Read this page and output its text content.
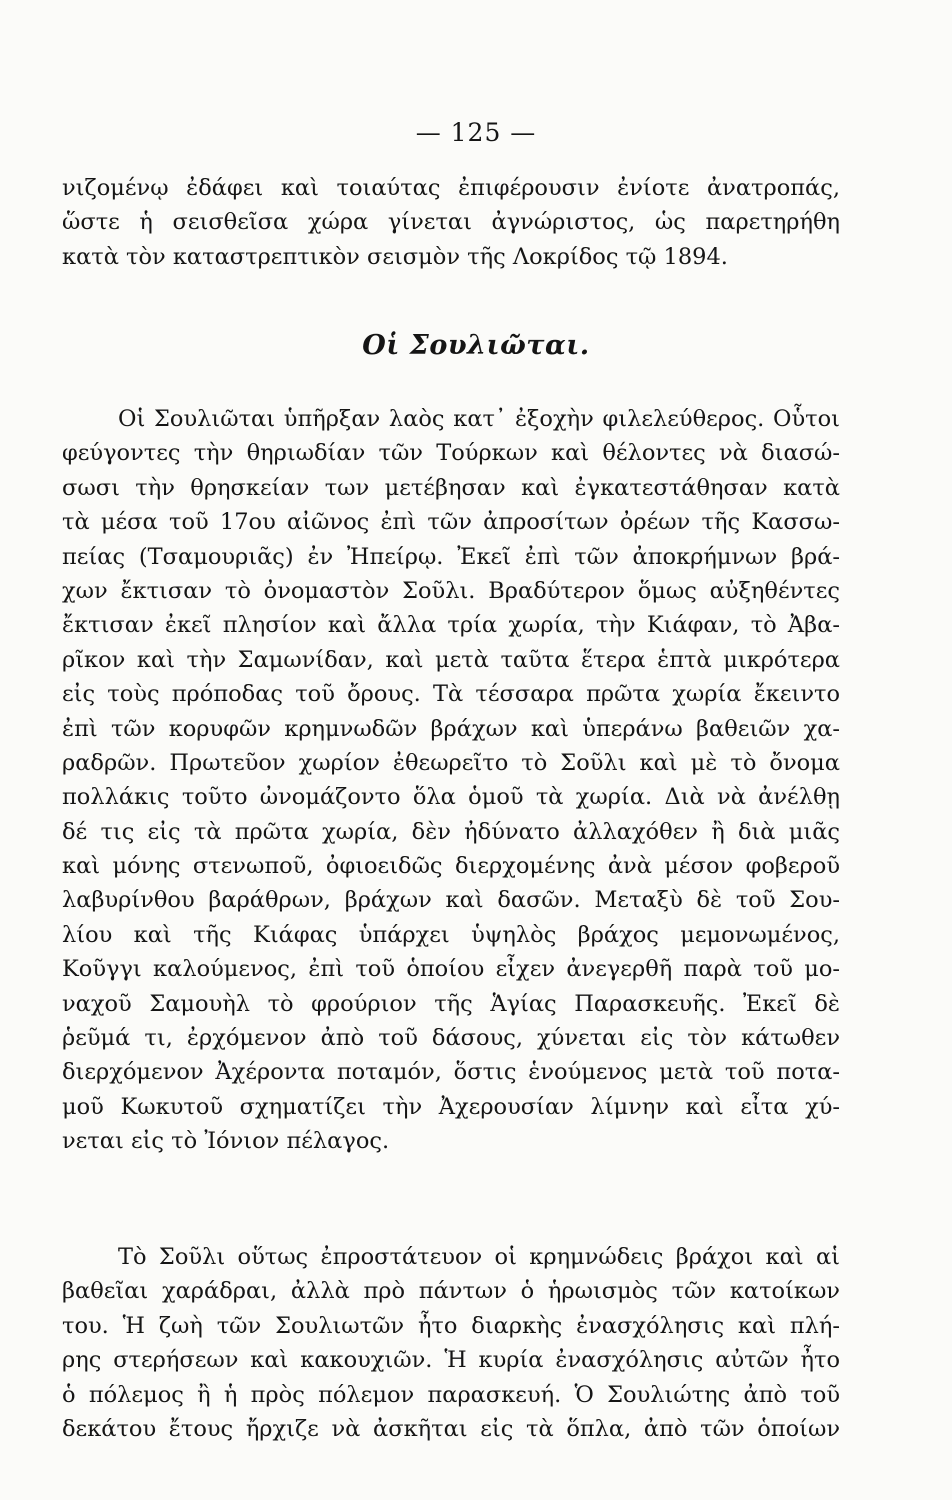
— 125 —
νιζομένῳ ἐδάφει καὶ τοιαύτας ἐπιφέρουσιν ἐνίοτε ἀνατροπάς,
ὥστε ἡ σεισθεῖσα χώρα γίνεται ἀγνώριστος, ὡς παρετηρήθη
κατὰ τὸν καταστρεπτικὸν σεισμὸν τῆς Λοκρίδος τῷ 1894.
Οἱ Σουλιῶται.
Οἱ Σουλιῶται ὑπῆρξαν λαὸς κατ᾽ ἐξοχὴν φιλελεύθερος. Οὗτοι
φεύγοντες τὴν θηριωδίαν τῶν Τούρκων καὶ θέλοντες νὰ διασώ-
σωσι τὴν θρησκείαν των μετέβησαν καὶ ἐγκατεστάθησαν κατὰ
τὰ μέσα τοῦ 17ου αἰῶνος ἐπὶ τῶν ἀπροσίτων ὀρέων τῆς Κασσω-
πείας (Τσαμουριᾶς) ἐν Ἠπείρῳ. Ἐκεῖ ἐπὶ τῶν ἀποκρήμνων βρά-
χων ἔκτισαν τὸ ὀνομαστὸν Σοῦλι. Βραδύτερον ὅμως αὐξηθέντες
ἔκτισαν ἐκεῖ πλησίον καὶ ἄλλα τρία χωρία, τὴν Κιάφαν, τὸ Ἀβα-
ρῖκον καὶ τὴν Σαμωνίδαν, καὶ μετὰ ταῦτα ἕτερα ἑπτὰ μικρότερα
εἰς τοὺς πρόποδας τοῦ ὄρους. Τὰ τέσσαρα πρῶτα χωρία ἔκειντο
ἐπὶ τῶν κορυφῶν κρημνωδῶν βράχων καὶ ὑπεράνω βαθειῶν χα-
ραδρῶν. Πρωτεῦον χωρίον ἐθεωρεῖτο τὸ Σοῦλι καὶ μὲ τὸ ὄνομα
πολλάκις τοῦτο ὠνομάζοντο ὅλα ὁμοῦ τὰ χωρία. Διὰ νὰ ἀνέλθῃ
δέ τις εἰς τὰ πρῶτα χωρία, δὲν ἠδύνατο ἀλλαχόθεν ἢ διὰ μιᾶς
καὶ μόνης στενωποῦ, ὀφιοειδῶς διερχομένης ἀνὰ μέσον φοβεροῦ
λαβυρίνθου βαράθρων, βράχων καὶ δασῶν. Μεταξὺ δὲ τοῦ Σου-
λίου καὶ τῆς Κιάφας ὑπάρχει ὑψηλὸς βράχος μεμονωμένος,
Κοῦγγι καλούμενος, ἐπὶ τοῦ ὁποίου εἶχεν ἀνεγερθῆ παρὰ τοῦ μο-
ναχοῦ Σαμουὴλ τὸ φρούριον τῆς Ἁγίας Παρασκευῆς. Ἐκεῖ δὲ
ῥεῦμά τι, ἐρχόμενον ἀπὸ τοῦ δάσους, χύνεται εἰς τὸν κάτωθεν
διερχόμενον Ἀχέροντα ποταμόν, ὅστις ἑνούμενος μετὰ τοῦ ποτα-
μοῦ Κωκυτοῦ σχηματίζει τὴν Ἀχερουσίαν λίμνην καὶ εἶτα χύ-
νεται εἰς τὸ Ἰόνιον πέλαγος.
Τὸ Σοῦλι οὕτως ἐπροστάτευον οἱ κρημνώδεις βράχοι καὶ αἱ
βαθεῖαι χαράδραι, ἀλλὰ πρὸ πάντων ὁ ἡρωισμὸς τῶν κατοίκων
του. Ἡ ζωὴ τῶν Σουλιωτῶν ἦτο διαρκὴς ἐνασχόλησις καὶ πλή-
ρης στερήσεων καὶ κακουχιῶν. Ἡ κυρία ἐνασχόλησις αὐτῶν ἦτο
ὁ πόλεμος ἢ ἡ πρὸς πόλεμον παρασκευή. Ὁ Σουλιώτης ἀπὸ τοῦ
δεκάτου ἔτους ἤρχιζε νὰ ἀσκῆται εἰς τὰ ὅπλα, ἀπὸ τῶν ὁποίων
